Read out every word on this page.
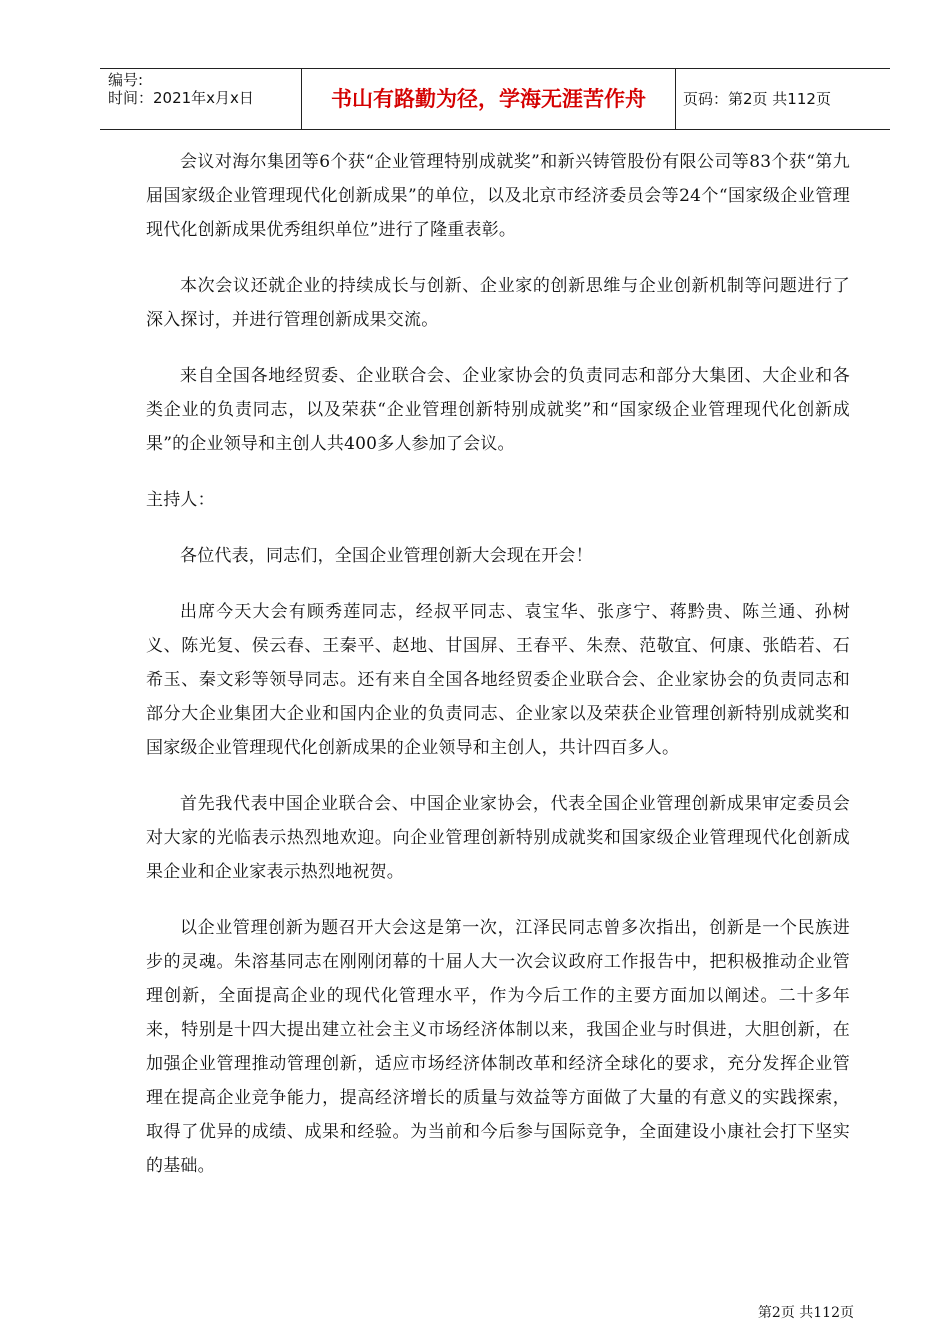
编号:
时间：2021年x月x日	书山有路勤为径，学海无涯苦作舟	页码：第2页 共112页

会议对海尔集团等6个获“企业管理特别成就奖”和新兴铸管股份有限公司等83个获“第九届国家级企业管理现代化创新成果”的单位，以及北京市经济委员会等24个“国家级企业管理现代化创新成果优秀组织单位”进行了隆重表彰。

本次会议还就企业的持续成长与创新、企业家的创新思维与企业创新机制等问题进行了深入探讨，并进行管理创新成果交流。

来自全国各地经贸委、企业联合会、企业家协会的负责同志和部分大集团、大企业和各类企业的负责同志，以及荣获“企业管理创新特别成就奖”和“国家级企业管理现代化创新成果”的企业领导和主创人共400多人参加了会议。

主持人：

各位代表，同志们，全国企业管理创新大会现在开会！

出席今天大会有顾秀莲同志，经叔平同志、袁宝华、张彦宁、蒋黔贵、陈兰通、孙树义、陈光复、侯云春、王秦平、赵地、甘国屏、王春平、朱焘、范敬宜、何康、张皓若、石希玉、秦文彩等领导同志。还有来自全国各地经贸委企业联合会、企业家协会的负责同志和部分大企业集团大企业和国内企业的负责同志、企业家以及荣获企业管理创新特别成就奖和国家级企业管理现代化创新成果的企业领导和主创人，共计四百多人。

首先我代表中国企业联合会、中国企业家协会，代表全国企业管理创新成果审定委员会对大家的光临表示热烈地欢迎。向企业管理创新特别成就奖和国家级企业管理现代化创新成果企业和企业家表示热烈地祝贺。

以企业管理创新为题召开大会这是第一次，江泽民同志曾多次指出，创新是一个民族进步的灵魂。朱溶基同志在刚刚闭幕的十届人大一次会议政府工作报告中，把积极推动企业管理创新，全面提高企业的现代化管理水平，作为今后工作的主要方面加以阐述。二十多年来，特别是十四大提出建立社会主义市场经济体制以来，我国企业与时俱进，大胆创新，在加强企业管理推动管理创新，适应市场经济体制改革和经济全球化的要求，充分发挥企业管理在提高企业竞争能力，提高经济增长的质量与效益等方面做了大量的有意义的实践探索，取得了优异的成绩、成果和经验。为当前和今后参与国际竞争，全面建设小康社会打下坚实的基础。

第2页 共112页
